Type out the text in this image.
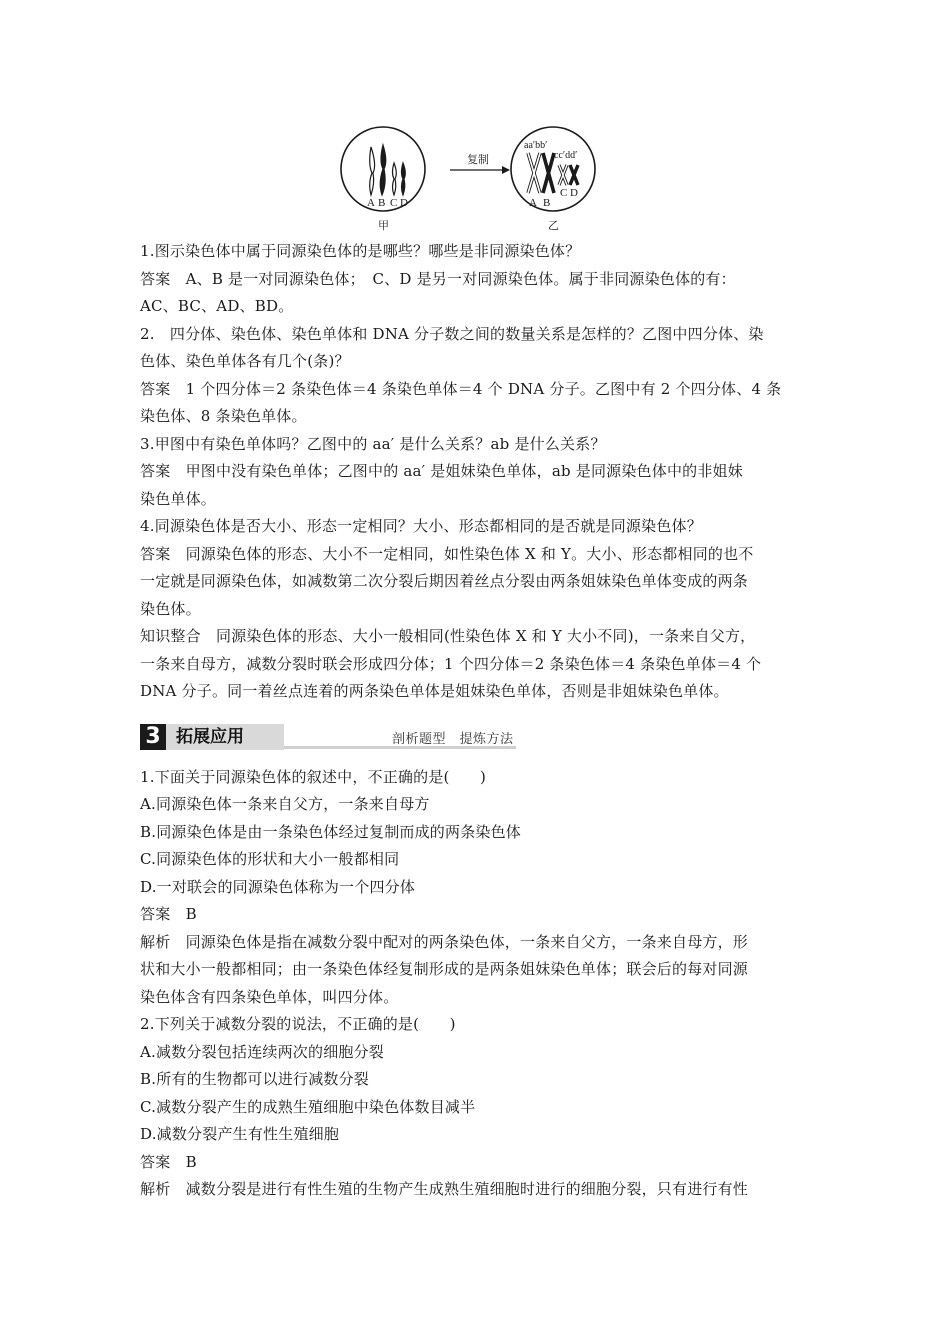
A B C D
甲
复制
aa′bb′
cc′dd′
A B
C D
乙
1.图示染色体中属于同源染色体的是哪些？哪些是非同源染色体？
答案　A、B 是一对同源染色体；　C、D 是另一对同源染色体。属于非同源染色体的有：
AC、BC、AD、BD。
2.　四分体、染色体、染色单体和 DNA 分子数之间的数量关系是怎样的？乙图中四分体、染
色体、染色单体各有几个(条)？
答案　1 个四分体＝2 条染色体＝4 条染色单体＝4 个 DNA 分子。乙图中有 2 个四分体、4 条
染色体、8 条染色单体。
3.甲图中有染色单体吗？乙图中的 aa′ 是什么关系？ab 是什么关系？
答案　甲图中没有染色单体；乙图中的 aa′ 是姐妹染色单体，ab 是同源染色体中的非姐妹
染色单体。
4.同源染色体是否大小、形态一定相同？大小、形态都相同的是否就是同源染色体？
答案　同源染色体的形态、大小不一定相同，如性染色体 X 和 Y。大小、形态都相同的也不
一定就是同源染色体，如减数第二次分裂后期因着丝点分裂由两条姐妹染色单体变成的两条
染色体。
知识整合　同源染色体的形态、大小一般相同(性染色体 X 和 Y 大小不同)，一条来自父方，
一条来自母方，减数分裂时联会形成四分体；1 个四分体＝2 条染色体＝4 条染色单体＝4 个
DNA 分子。同一着丝点连着的两条染色单体是姐妹染色单体，否则是非姐妹染色单体。
3 拓展应用	剖析题型　提炼方法
1.下面关于同源染色体的叙述中，不正确的是(　　)
A.同源染色体一条来自父方，一条来自母方
B.同源染色体是由一条染色体经过复制而成的两条染色体
C.同源染色体的形状和大小一般都相同
D.一对联会的同源染色体称为一个四分体
答案　B
解析　同源染色体是指在减数分裂中配对的两条染色体，一条来自父方，一条来自母方，形
状和大小一般都相同；由一条染色体经复制形成的是两条姐妹染色单体；联会后的每对同源
染色体含有四条染色单体，叫四分体。
2.下列关于减数分裂的说法，不正确的是(　　)
A.减数分裂包括连续两次的细胞分裂
B.所有的生物都可以进行减数分裂
C.减数分裂产生的成熟生殖细胞中染色体数目减半
D.减数分裂产生有性生殖细胞
答案　B
解析　减数分裂是进行有性生殖的生物产生成熟生殖细胞时进行的细胞分裂，只有进行有性
